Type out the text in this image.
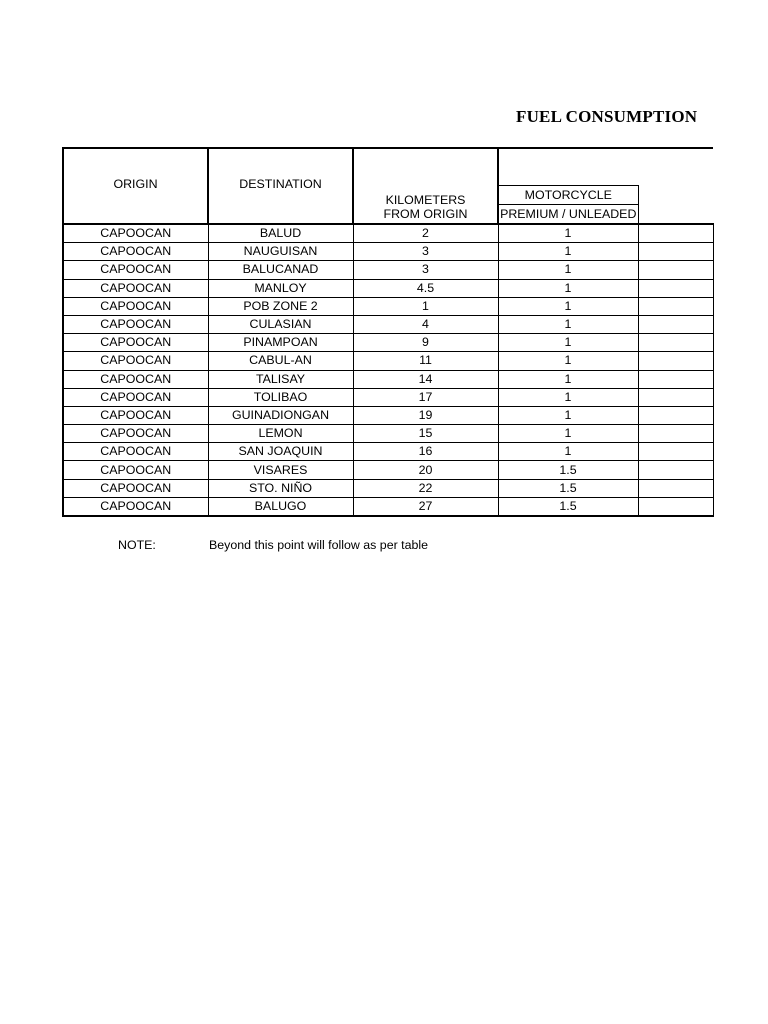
FUEL CONSUMPTION
ORIGIN	DESTINATION	KILOMETERS FROM ORIGIN		
			MOTORCYCLE	
			PREMIUM / UNLEADED	
CAPOOCAN	BALUD	2	1	
CAPOOCAN	NAUGUISAN	3	1	
CAPOOCAN	BALUCANAD	3	1	
CAPOOCAN	MANLOY	4.5	1	
CAPOOCAN	POB ZONE 2	1	1	
CAPOOCAN	CULASIAN	4	1	
CAPOOCAN	PINAMPOAN	9	1	
CAPOOCAN	CABUL-AN	11	1	
CAPOOCAN	TALISAY	14	1	
CAPOOCAN	TOLIBAO	17	1	
CAPOOCAN	GUINADIONGAN	19	1	
CAPOOCAN	LEMON	15	1	
CAPOOCAN	SAN JOAQUIN	16	1	
CAPOOCAN	VISARES	20	1.5	
CAPOOCAN	STO. NIÑO	22	1.5	
CAPOOCAN	BALUGO	27	1.5	
NOTE:	Beyond this point will follow as per table
